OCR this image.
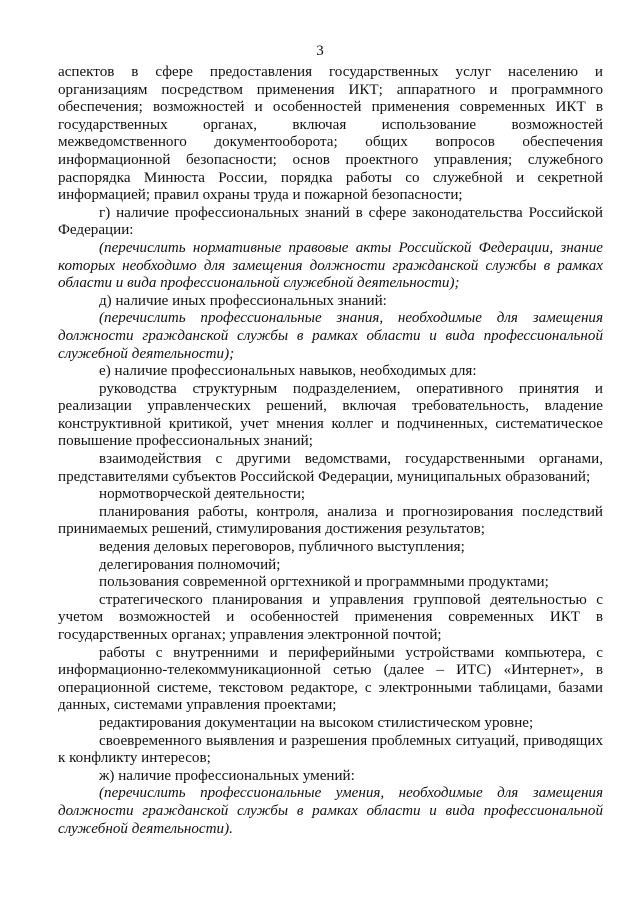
3

аспектов в сфере предоставления государственных услуг населению и организациям посредством применения ИКТ; аппаратного и программного обеспечения; возможностей и особенностей применения современных ИКТ в государственных органах, включая использование возможностей межведомственного документооборота; общих вопросов обеспечения информационной безопасности; основ проектного управления; служебного распорядка Минюста России, порядка работы со служебной и секретной информацией; правил охраны труда и пожарной безопасности;

г) наличие профессиональных знаний в сфере законодательства Российской Федерации:

(перечислить нормативные правовые акты Российской Федерации, знание которых необходимо для замещения должности гражданской службы в рамках области и вида профессиональной служебной деятельности);

д) наличие иных профессиональных знаний:

(перечислить профессиональные знания, необходимые для замещения должности гражданской службы в рамках области и вида профессиональной служебной деятельности);

е) наличие профессиональных навыков, необходимых для:

руководства структурным подразделением, оперативного принятия и реализации управленческих решений, включая требовательность, владение конструктивной критикой, учет мнения коллег и подчиненных, систематическое повышение профессиональных знаний;

взаимодействия с другими ведомствами, государственными органами, представителями субъектов Российской Федерации, муниципальных образований;

нормотворческой деятельности;

планирования работы, контроля, анализа и прогнозирования последствий принимаемых решений, стимулирования достижения результатов;

ведения деловых переговоров, публичного выступления;

делегирования полномочий;

пользования современной оргтехникой и программными продуктами;

стратегического планирования и управления групповой деятельностью с учетом возможностей и особенностей применения современных ИКТ в государственных органах; управления электронной почтой;

работы с внутренними и периферийными устройствами компьютера, с информационно-телекоммуникационной сетью (далее – ИТС) «Интернет», в операционной системе, текстовом редакторе, с электронными таблицами, базами данных, системами управления проектами;

редактирования документации на высоком стилистическом уровне;

своевременного выявления и разрешения проблемных ситуаций, приводящих к конфликту интересов;

ж) наличие профессиональных умений:

(перечислить профессиональные умения, необходимые для замещения должности гражданской службы в рамках области и вида профессиональной служебной деятельности).
